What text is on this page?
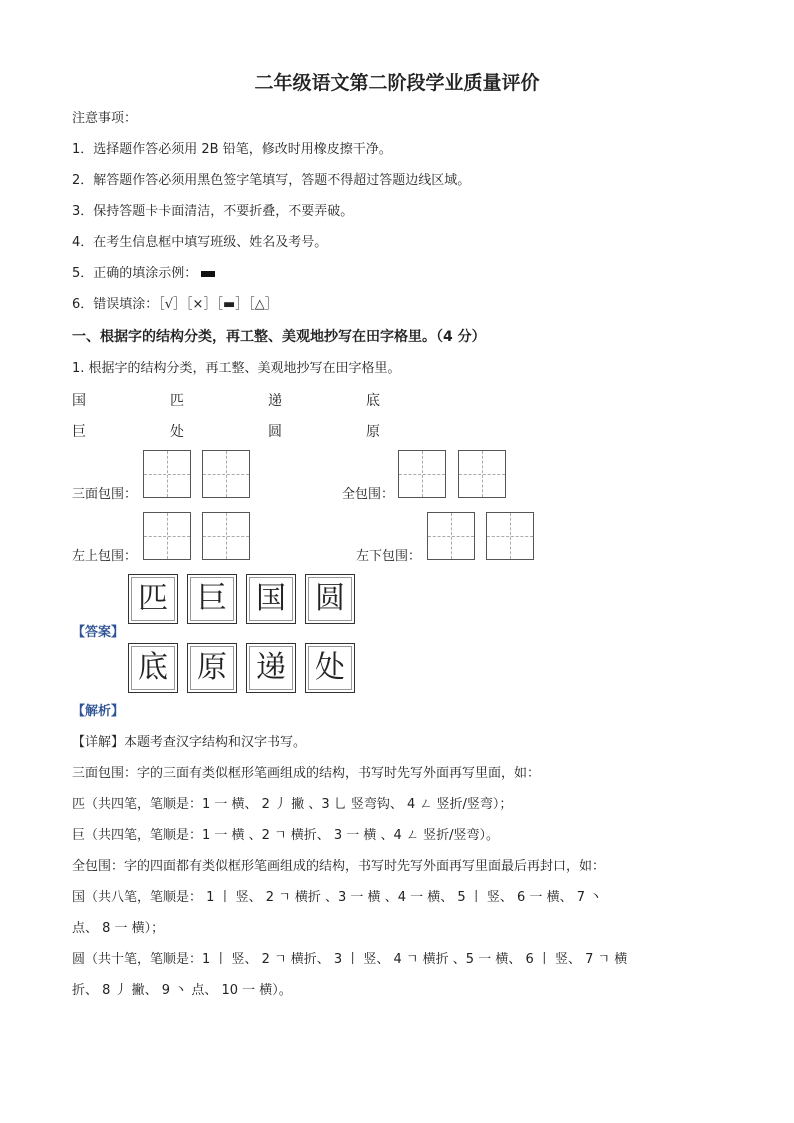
二年级语文第二阶段学业质量评价
注意事项：
1．选择题作答必须用 2B 铅笔，修改时用橡皮擦干净。
2．解答题作答必须用黑色签字笔填写，答题不得超过答题边线区域。
3．保持答题卡卡面清洁，不要折叠，不要弄破。
4．在考生信息框中填写班级、姓名及考号。
5．正确的填涂示例：
6．错误填涂：［√］［×］［▬］［△］
一、根据字的结构分类，再工整、美观地抄写在田字格里。（4 分）
1. 根据字的结构分类，再工整、美观地抄写在田字格里。
国	匹	递	底
巨	处	圆	原
三面包围：	全包围：
左上包围：	左下包围：
匹 巨 国 圆
【答案】
底 原 递 处
【解析】
【详解】本题考查汉字结构和汉字书写。
三面包围：字的三面有类似框形笔画组成的结构，书写时先写外面再写里面，如：
匹（共四笔，笔顺是：1 一 横、 2 丿 撇 、3 乚 竖弯钩、 4 ㄥ 竖折/竖弯）；
巨（共四笔，笔顺是：1 一 横 、2 ㄱ 横折、 3 一 横 、4 ㄥ 竖折/竖弯）。
全包围：字的四面都有类似框形笔画组成的结构，书写时先写外面再写里面最后再封口，如：
国（共八笔，笔顺是： 1 丨 竖、 2 ㄱ 横折 、3 一 横 、4 一 横、 5 丨 竖、 6 一 横、 7 丶
点、 8 一 横）；
圆（共十笔，笔顺是：1 丨 竖、 2 ㄱ 横折、 3 丨 竖、 4 ㄱ 横折 、5 一 横、 6 丨 竖、 7 ㄱ 横
折、 8 丿 撇、 9 丶 点、 10 一 横）。
